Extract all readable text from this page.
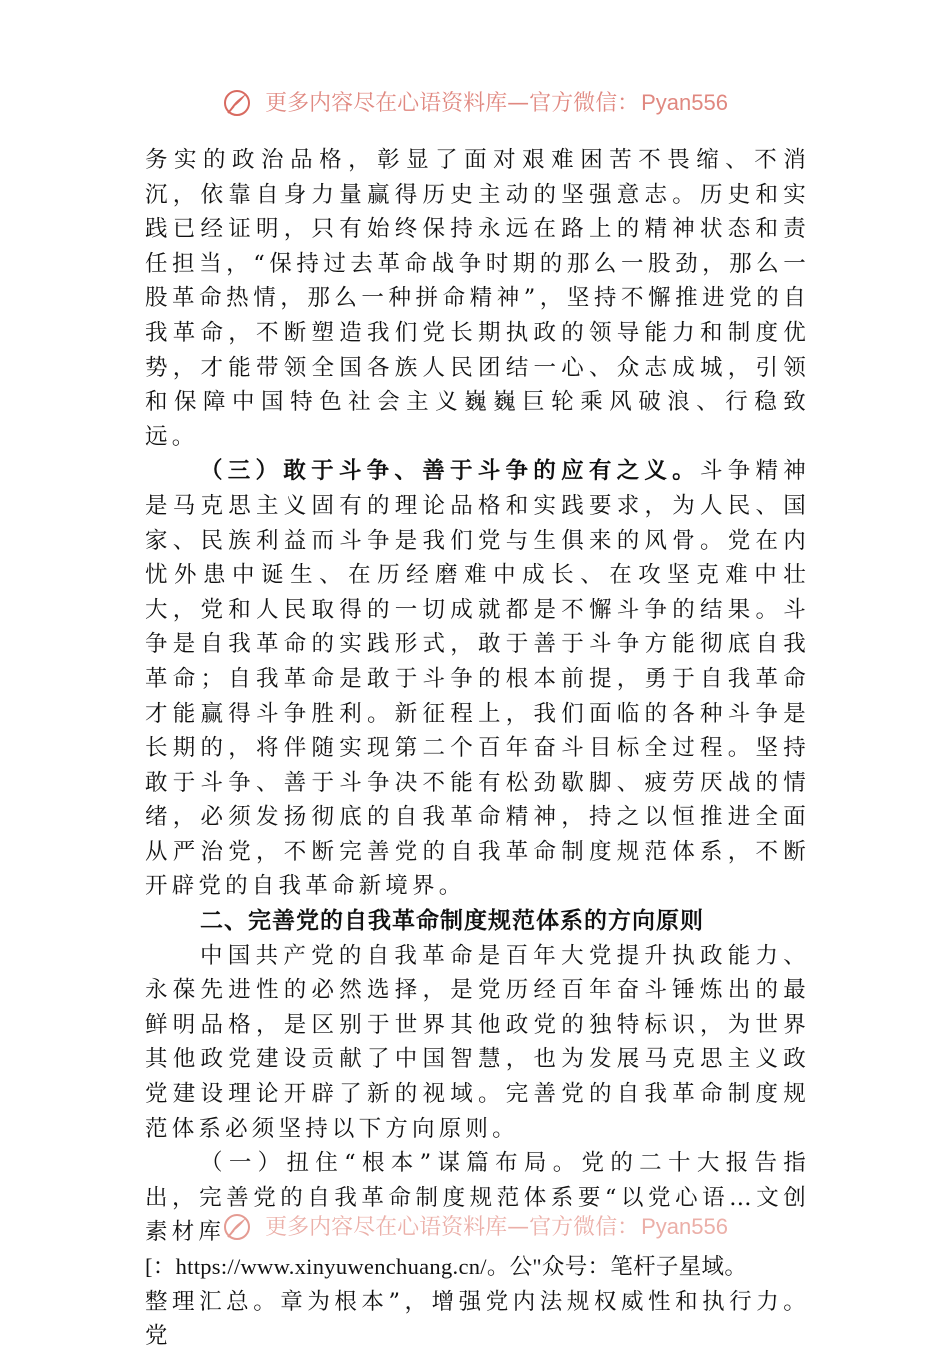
更多内容尽在心语资料库—官方微信：Pyan556

务实的政治品格，彰显了面对艰难困苦不畏缩、不消沉，依靠自身力量赢得历史主动的坚强意志。历史和实践已经证明，只有始终保持永远在路上的精神状态和责任担当，“保持过去革命战争时期的那么一股劲，那么一股革命热情，那么一种拼命精神”，坚持不懈推进党的自我革命，不断塑造我们党长期执政的领导能力和制度优势，才能带领全国各族人民团结一心、众志成城，引领和保障中国特色社会主义巍巍巨轮乘风破浪、行稳致远。

（三）敢于斗争、善于斗争的应有之义。斗争精神是马克思主义固有的理论品格和实践要求，为人民、国家、民族利益而斗争是我们党与生俱来的风骨。党在内忧外患中诞生、在历经磨难中成长、在攻坚克难中壮大，党和人民取得的一切成就都是不懈斗争的结果。斗争是自我革命的实践形式，敢于善于斗争方能彻底自我革命；自我革命是敢于斗争的根本前提，勇于自我革命才能赢得斗争胜利。新征程上，我们面临的各种斗争是长期的，将伴随实现第二个百年奋斗目标全过程。坚持敢于斗争、善于斗争决不能有松劲歇脚、疲劳厌战的情绪，必须发扬彻底的自我革命精神，持之以恒推进全面从严治党，不断完善党的自我革命制度规范体系，不断开辟党的自我革命新境界。

二、完善党的自我革命制度规范体系的方向原则

中国共产党的自我革命是百年大党提升执政能力、永葆先进性的必然选择，是党历经百年奋斗锤炼出的最鲜明品格，是区别于世界其他政党的独特标识，为世界其他政党建设贡献了中国智慧，也为发展马克思主义政党建设理论开辟了新的视域。完善党的自我革命制度规范体系必须坚持以下方向原则。

（一）扭住“根本”谋篇布局。党的二十大报告指出，完善党的自我革命制度规范体系要“以党心语…文创素材库
[：https://www.xinyuwenchuang.cn/。公"众号：笔杆子星域。
整理汇总。章为根本”，增强党内法规权威性和执行力。党

更多内容尽在心语资料库—官方微信：Pyan556
